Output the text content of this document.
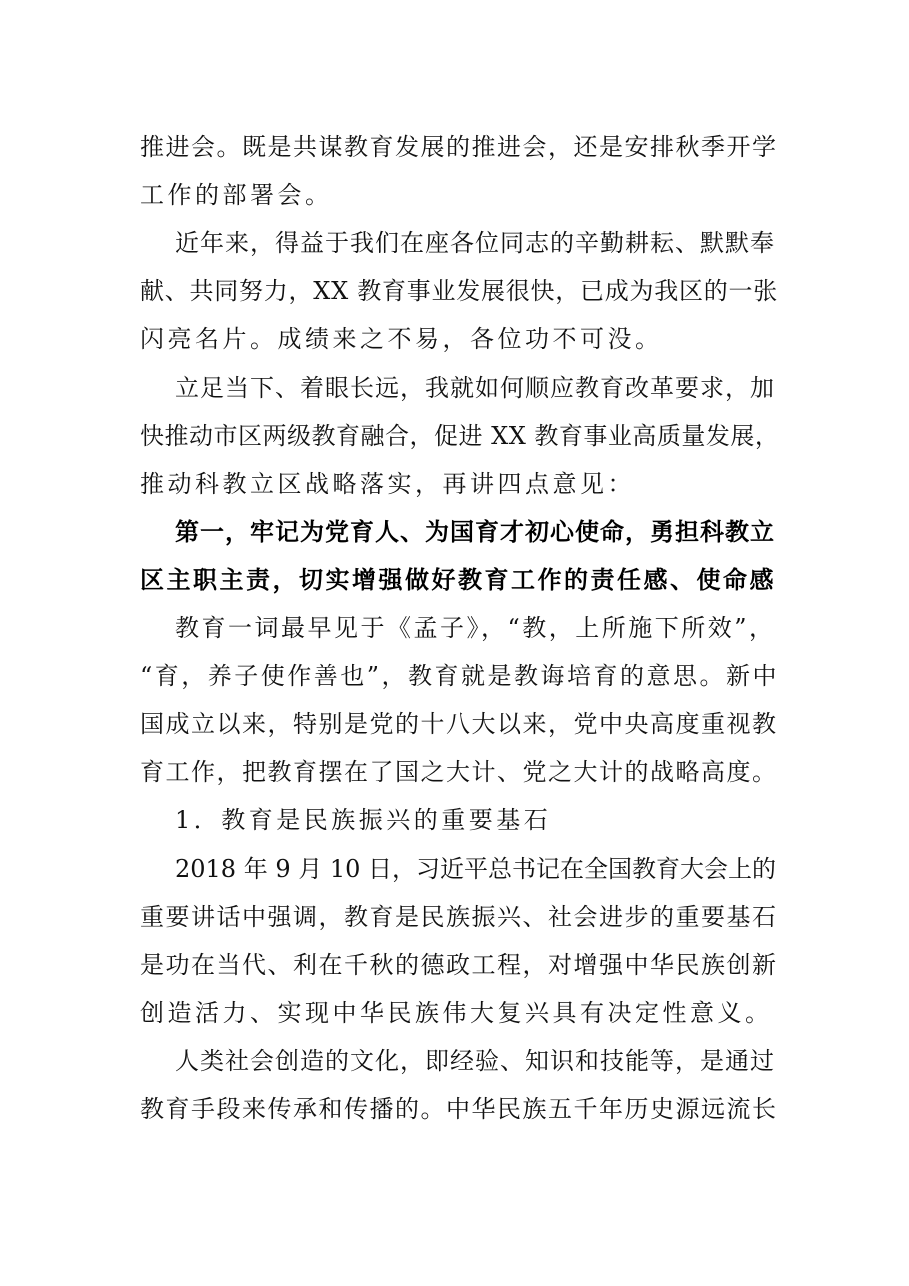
推进会。既是共谋教育发展的推进会，还是安排秋季开学
工作的部署会。
近年来，得益于我们在座各位同志的辛勤耕耘、默默奉
献、共同努力，XX 教育事业发展很快，已成为我区的一张
闪亮名片。成绩来之不易，各位功不可没。
立足当下、着眼长远，我就如何顺应教育改革要求，加
快推动市区两级教育融合，促进 XX 教育事业高质量发展，
推动科教立区战略落实，再讲四点意见：
第一，牢记为党育人、为国育才初心使命，勇担科教立
区主职主责，切实增强做好教育工作的责任感、使命感
教育一词最早见于《孟子》，“教，上所施下所效”，
“育，养子使作善也”，教育就是教诲培育的意思。新中
国成立以来，特别是党的十八大以来，党中央高度重视教
育工作，把教育摆在了国之大计、党之大计的战略高度。
1．教育是民族振兴的重要基石
2018 年 9 月 10 日，习近平总书记在全国教育大会上的
重要讲话中强调，教育是民族振兴、社会进步的重要基石
是功在当代、利在千秋的德政工程，对增强中华民族创新
创造活力、实现中华民族伟大复兴具有决定性意义。
人类社会创造的文化，即经验、知识和技能等，是通过
教育手段来传承和传播的。中华民族五千年历史源远流长
